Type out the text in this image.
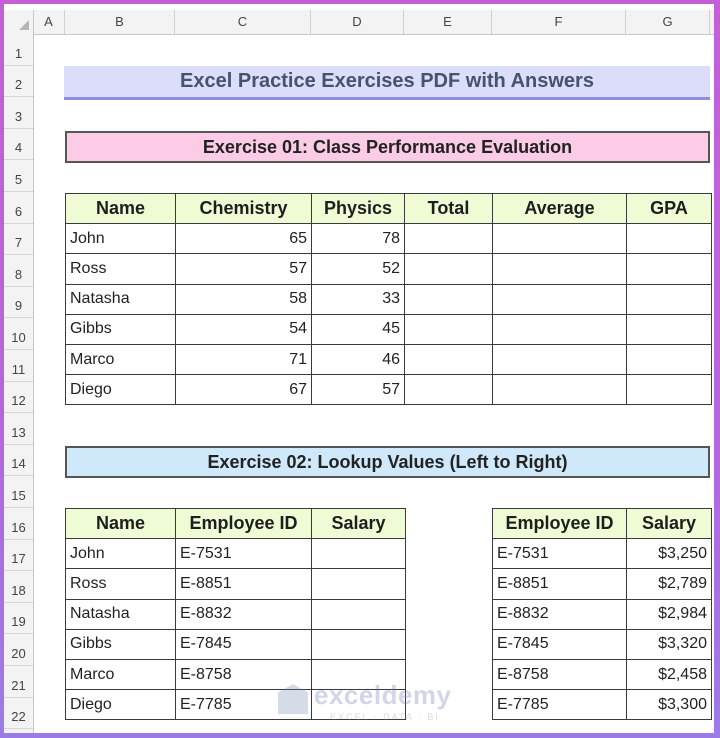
A	B	C	D	E	F	G
1
2
3
4
5
6
7
8
9
10
11
12
13
14
15
16
17
18
19
20
21
22
Excel Practice Exercises PDF with Answers
Exercise 01: Class Performance Evaluation
Name	Chemistry	Physics	Total	Average	GPA
John	65	78			
Ross	57	52			
Natasha	58	33			
Gibbs	54	45			
Marco	71	46			
Diego	67	57			
Exercise 02: Lookup Values (Left to Right)
Name	Employee ID	Salary
John	E-7531	
Ross	E-8851	
Natasha	E-8832	
Gibbs	E-7845	
Marco	E-8758	
Diego	E-7785	
Employee ID	Salary
E-7531	$3,250
E-8851	$2,789
E-8832	$2,984
E-7845	$3,320
E-8758	$2,458
E-7785	$3,300
exceldemy
EXCEL · DATA · BI
